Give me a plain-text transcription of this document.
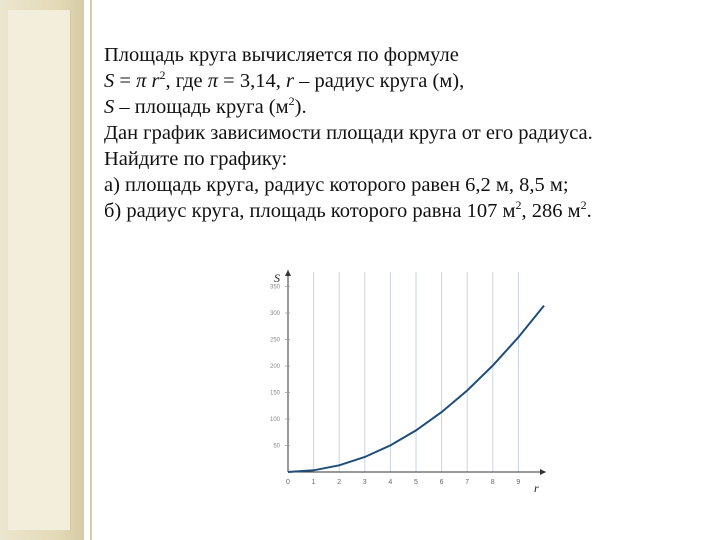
Площадь круга вычисляется по формуле

S = π $r^2$, где π = 3,14, r – радиус круга (м),

S – площадь круга $(м^2)$.

Дан график зависимости площади круга от его радиуса.

Найдите по графику:

а) площадь круга, радиус которого равен 6,2 м, 8,5 м;

б) радиус круга, площадь которого равна 107 $м^2$, 286 $м^2$.

S
r
0	1	2	3	4	5	6	7	8	9
50
100
150
200
250
300
350
